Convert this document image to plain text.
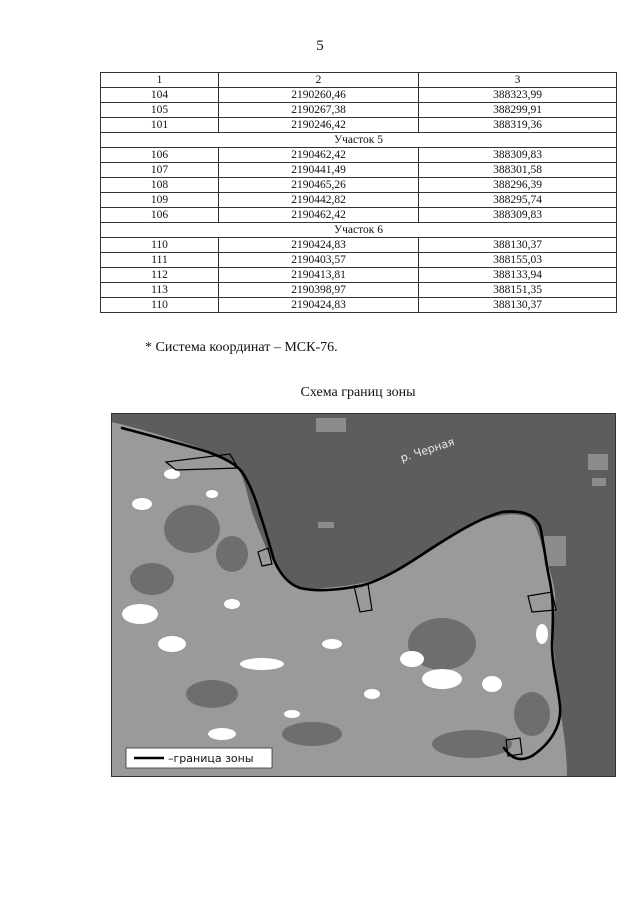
5
1	2	3
104	2190260,46	388323,99
105	2190267,38	388299,91
101	2190246,42	388319,36
Участок 5		
106	2190462,42	388309,83
107	2190441,49	388301,58
108	2190465,26	388296,39
109	2190442,82	388295,74
106	2190462,42	388309,83
Участок 6		
110	2190424,83	388130,37
111	2190403,57	388155,03
112	2190413,81	388133,94
113	2190398,97	388151,35
110	2190424,83	388130,37
* Система координат – МСК-76.
Схема границ зоны
р. Черная
–граница зоны
